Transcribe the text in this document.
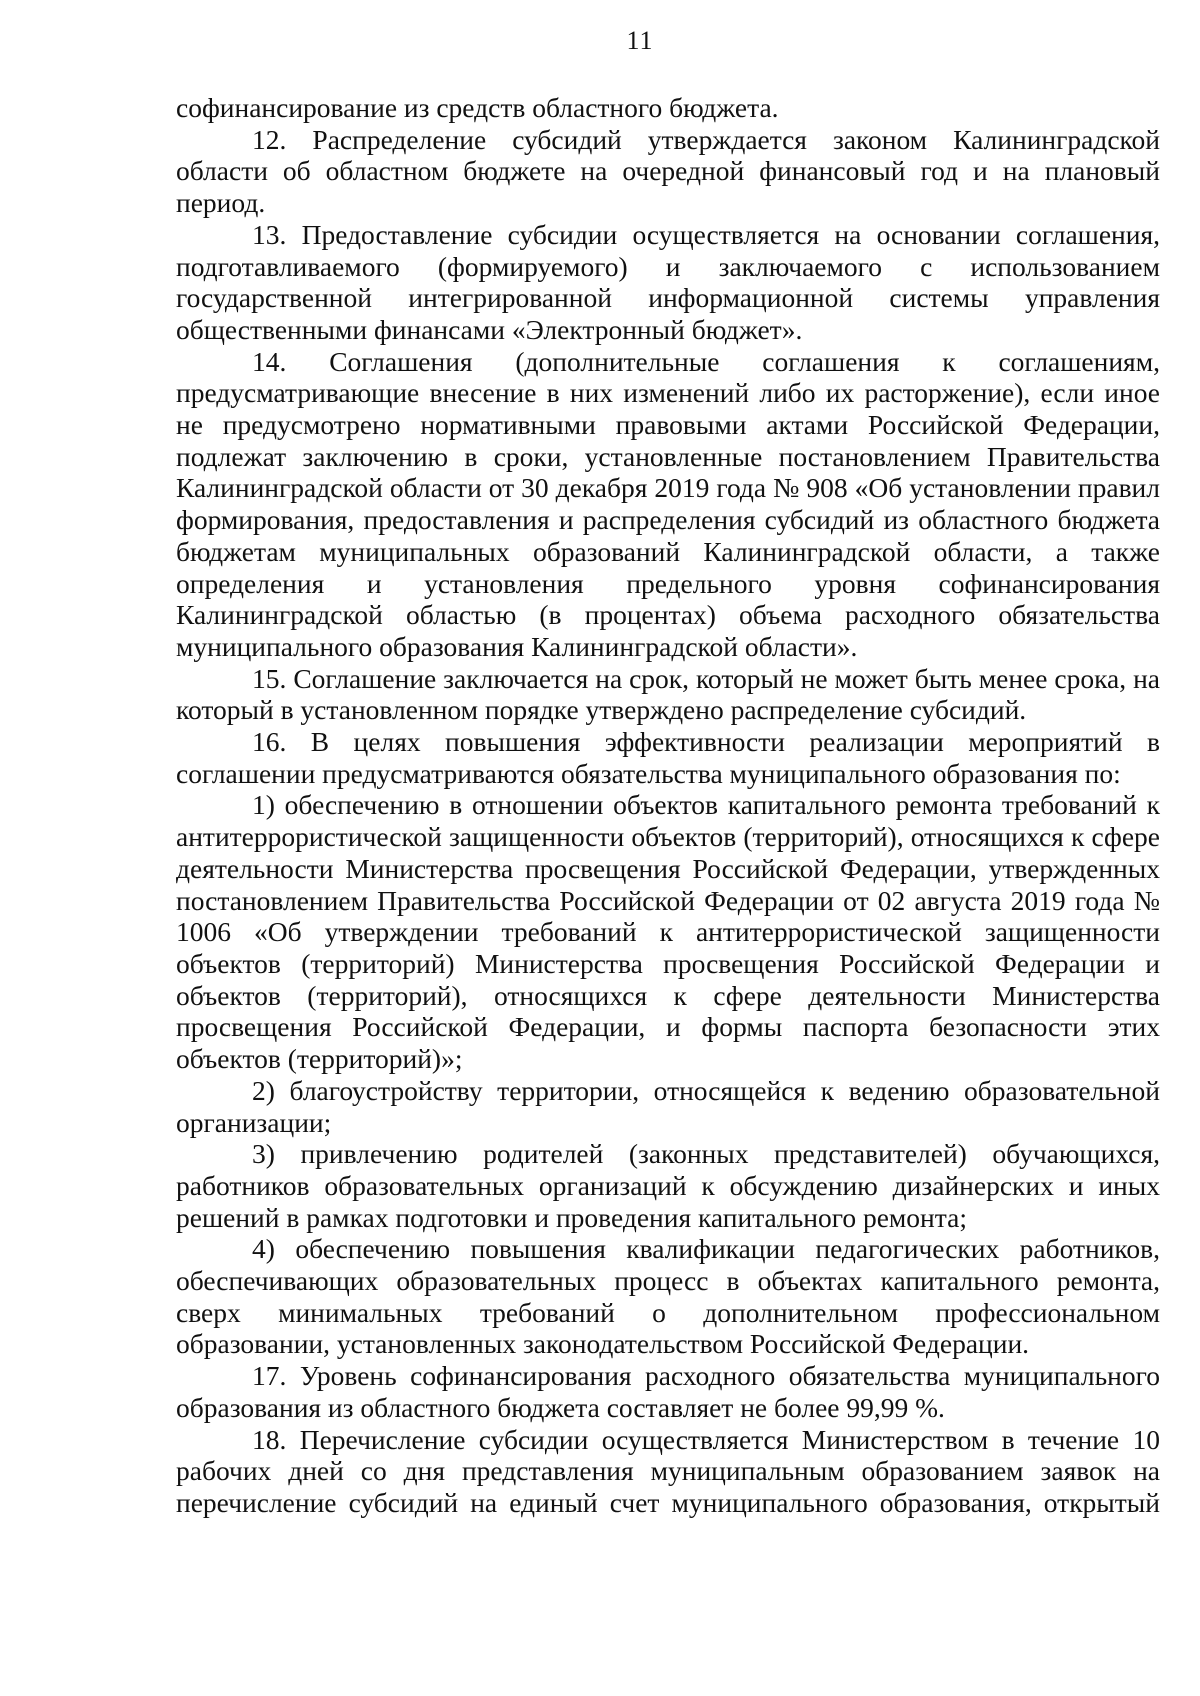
11

софинансирование из средств областного бюджета.

12. Распределение субсидий утверждается законом Калининградской области об областном бюджете на очередной финансовый год и на плановый период.

13. Предоставление субсидии осуществляется на основании соглашения, подготавливаемого (формируемого) и заключаемого с использованием государственной интегрированной информационной системы управления общественными финансами «Электронный бюджет».

14. Соглашения (дополнительные соглашения к соглашениям, предусматривающие внесение в них изменений либо их расторжение), если иное не предусмотрено нормативными правовыми актами Российской Федерации, подлежат заключению в сроки, установленные постановлением Правительства Калининградской области от 30 декабря 2019 года № 908 «Об установлении правил формирования, предоставления и распределения субсидий из областного бюджета бюджетам муниципальных образований Калининградской области, а также определения и установления предельного уровня софинансирования Калининградской областью (в процентах) объема расходного обязательства муниципального образования Калининградской области».

15. Соглашение заключается на срок, который не может быть менее срока, на который в установленном порядке утверждено распределение субсидий.

16. В целях повышения эффективности реализации мероприятий в соглашении предусматриваются обязательства муниципального образования по:

1) обеспечению в отношении объектов капитального ремонта требований к антитеррористической защищенности объектов (территорий), относящихся к сфере деятельности Министерства просвещения Российской Федерации, утвержденных постановлением Правительства Российской Федерации от 02 августа 2019 года № 1006 «Об утверждении требований к антитеррористической защищенности объектов (территорий) Министерства просвещения Российской Федерации и объектов (территорий), относящихся к сфере деятельности Министерства просвещения Российской Федерации, и формы паспорта безопасности этих объектов (территорий)»;

2) благоустройству территории, относящейся к ведению образовательной организации;

3) привлечению родителей (законных представителей) обучающихся, работников образовательных организаций к обсуждению дизайнерских и иных решений в рамках подготовки и проведения капитального ремонта;

4) обеспечению повышения квалификации педагогических работников, обеспечивающих образовательных процесс в объектах капитального ремонта, сверх минимальных требований о дополнительном профессиональном образовании, установленных законодательством Российской Федерации.

17. Уровень софинансирования расходного обязательства муниципального образования из областного бюджета составляет не более 99,99 %.

18. Перечисление субсидии осуществляется Министерством в течение 10 рабочих дней со дня представления муниципальным образованием заявок на перечисление субсидий на единый счет муниципального образования, открытый
